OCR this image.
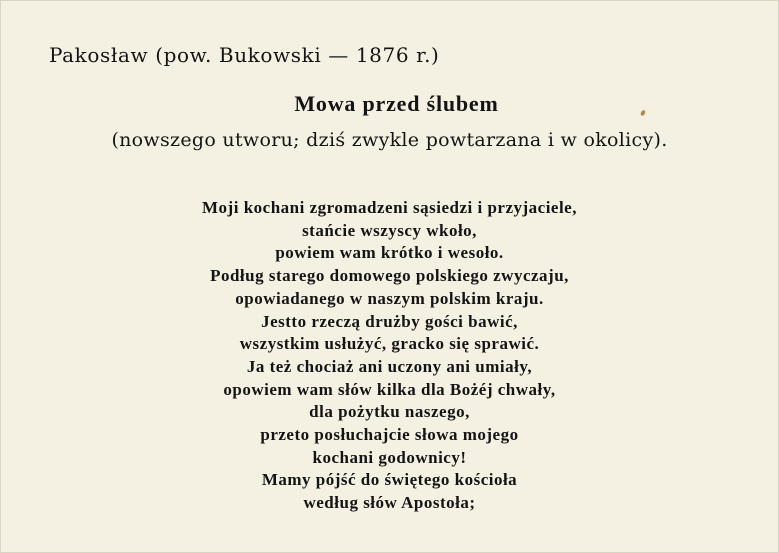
Pakosław (pow. Bukowski — 1876 r.)
Mowa przed ślubem
(nowszego utworu; dziś zwykle powtarzana i w okolicy).
Moji kochani zgromadzeni sąsiedzi i przyjaciele,
stańcie wszyscy wkoło,
powiem wam krótko i wesoło.
Podług starego domowego polskiego zwyczaju,
opowiadanego w naszym polskim kraju.
Jestto rzeczą drużby gości bawić,
wszystkim usłużyć, gracko się sprawić.
Ja też chociaż ani uczony ani umiały,
opowiem wam słów kilka dla Bożéj chwały,
dla pożytku naszego,
przeto posłuchajcie słowa mojego
kochani godownicy!
Mamy pójść do świętego kościoła
według słów Apostoła;
